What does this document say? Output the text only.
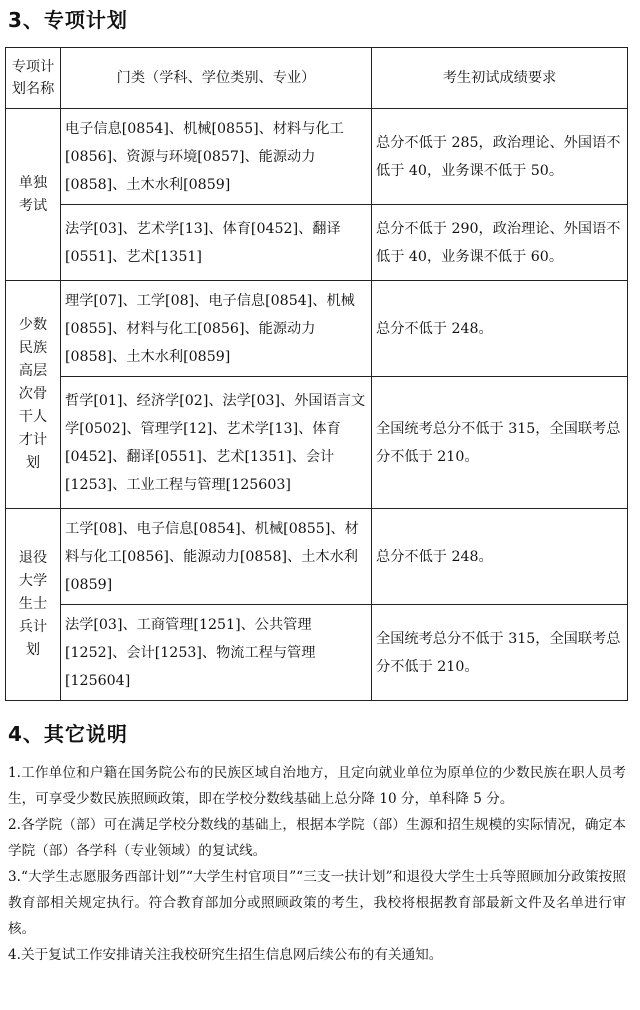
3、专项计划
专项计划名称	门类（学科、学位类别、专业）	考生初试成绩要求
单独考试	电子信息[0854]、机械[0855]、材料与化工[0856]、资源与环境[0857]、能源动力[0858]、土木水利[0859]	总分不低于 285，政治理论、外国语不低于 40，业务课不低于 50。
	法学[03]、艺术学[13]、体育[0452]、翻译[0551]、艺术[1351]	总分不低于 290，政治理论、外国语不低于 40，业务课不低于 60。
少数民族高层次骨干人才计划	理学[07]、工学[08]、电子信息[0854]、机械[0855]、材料与化工[0856]、能源动力[0858]、土木水利[0859]	总分不低于 248。
	哲学[01]、经济学[02]、法学[03]、外国语言文学[0502]、管理学[12]、艺术学[13]、体育[0452]、翻译[0551]、艺术[1351]、会计[1253]、工业工程与管理[125603]	全国统考总分不低于 315，全国联考总分不低于 210。
退役大学生士兵计划	工学[08]、电子信息[0854]、机械[0855]、材料与化工[0856]、能源动力[0858]、土木水利[0859]	总分不低于 248。
	法学[03]、工商管理[1251]、公共管理[1252]、会计[1253]、物流工程与管理[125604]	全国统考总分不低于 315，全国联考总分不低于 210。
4、其它说明

1.工作单位和户籍在国务院公布的民族区域自治地方，且定向就业单位为原单位的少数民族在职人员考生，可享受少数民族照顾政策，即在学校分数线基础上总分降 10 分，单科降 5 分。

2.各学院（部）可在满足学校分数线的基础上，根据本学院（部）生源和招生规模的实际情况，确定本学院（部）各学科（专业领域）的复试线。

3.“大学生志愿服务西部计划”“大学生村官项目”“三支一扶计划”和退役大学生士兵等照顾加分政策按照教育部相关规定执行。符合教育部加分或照顾政策的考生，我校将根据教育部最新文件及名单进行审核。

4.关于复试工作安排请关注我校研究生招生信息网后续公布的有关通知。
